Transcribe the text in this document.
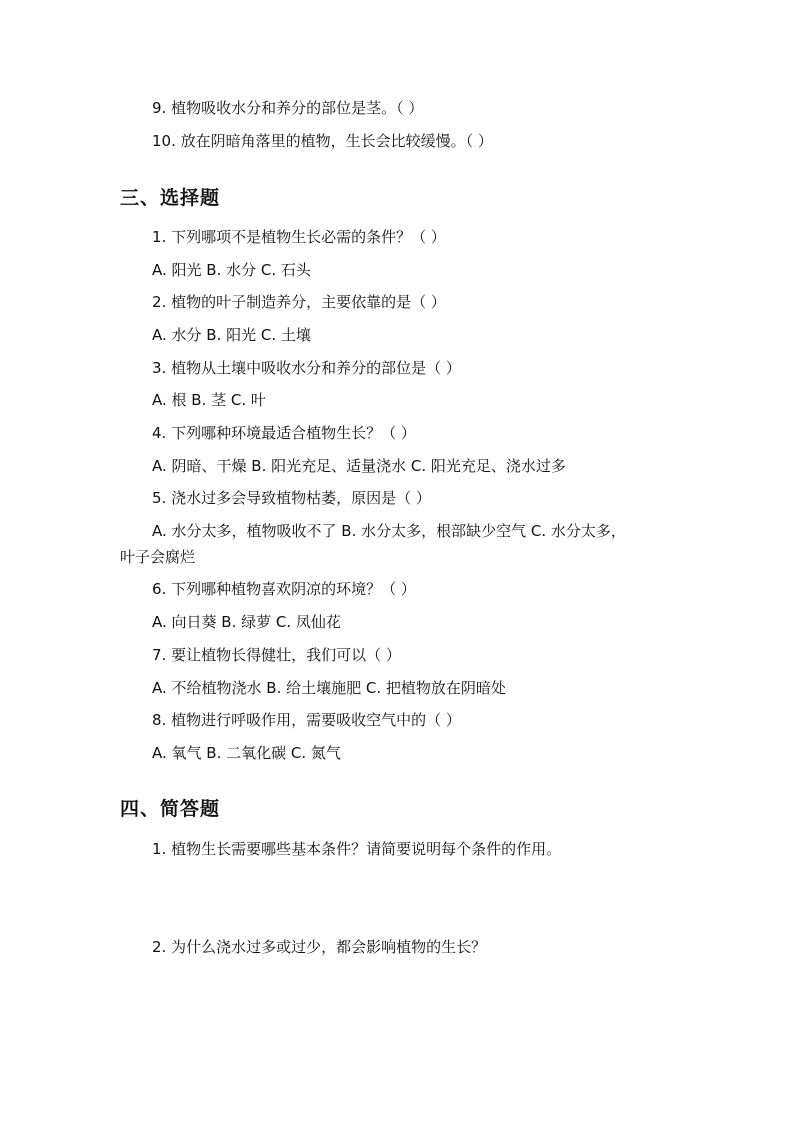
9. 植物吸收水分和养分的部位是茎。（ ）
10. 放在阴暗角落里的植物，生长会比较缓慢。（ ）
三、选择题
1. 下列哪项不是植物生长必需的条件？（ ）
A. 阳光 B. 水分 C. 石头
2. 植物的叶子制造养分，主要依靠的是（ ）
A. 水分 B. 阳光 C. 土壤
3. 植物从土壤中吸收水分和养分的部位是（ ）
A. 根 B. 茎 C. 叶
4. 下列哪种环境最适合植物生长？（ ）
A. 阴暗、干燥 B. 阳光充足、适量浇水 C. 阳光充足、浇水过多
5. 浇水过多会导致植物枯萎，原因是（ ）
A. 水分太多，植物吸收不了 B. 水分太多，根部缺少空气 C. 水分太多，
叶子会腐烂
6. 下列哪种植物喜欢阴凉的环境？（ ）
A. 向日葵 B. 绿萝 C. 凤仙花
7. 要让植物长得健壮，我们可以（ ）
A. 不给植物浇水 B. 给土壤施肥 C. 把植物放在阴暗处
8. 植物进行呼吸作用，需要吸收空气中的（ ）
A. 氧气 B. 二氧化碳 C. 氮气
四、简答题
1. 植物生长需要哪些基本条件？请简要说明每个条件的作用。
2. 为什么浇水过多或过少，都会影响植物的生长？
